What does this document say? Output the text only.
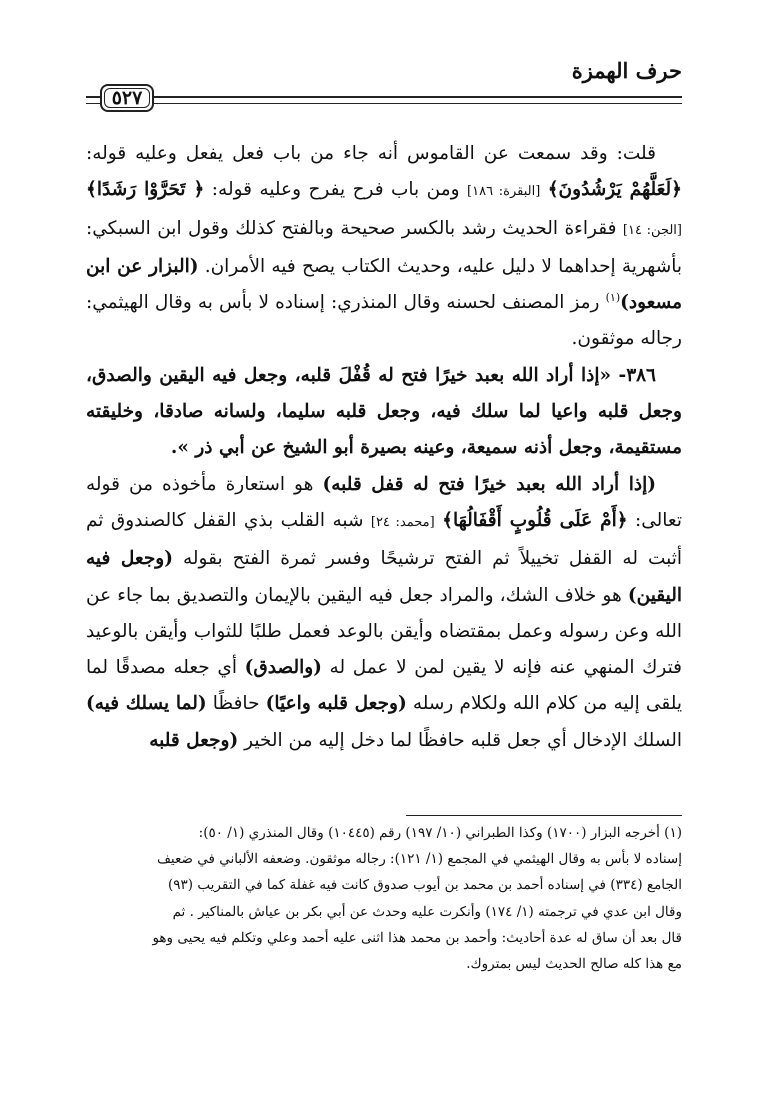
حرف الهمزة
٥٢٧

قلت: وقد سمعت عن القاموس أنه جاء من باب فعل يفعل وعليه قوله: ﴿لَعَلَّهُمْ يَرْشُدُونَ﴾ [البقرة: ١٨٦] ومن باب فرح يفرح وعليه قوله: ﴿ تَحَرَّوْا رَشَدًا﴾ [الجن: ١٤] فقراءة الحديث رشد بالكسر صحيحة وبالفتح كذلك وقول ابن السبكي: بأشهرية إحداهما لا دليل عليه، وحديث الكتاب يصح فيه الأمران. (البزار عن ابن مسعود)$^{(١)}$ رمز المصنف لحسنه وقال المنذري: إسناده لا بأس به وقال الهيثمي: رجاله موثقون.

٣٨٦- «إذا أراد الله بعبد خيرًا فتح له قُفْلَ قلبه، وجعل فيه اليقين والصدق، وجعل قلبه واعيا لما سلك فيه، وجعل قلبه سليما، ولسانه صادقا، وخليقته مستقيمة، وجعل أذنه سميعة، وعينه بصيرة أبو الشيخ عن أبي ذر ».

(إذا أراد الله بعبد خيرًا فتح له قفل قلبه) هو استعارة مأخوذه من قوله تعالى: ﴿أَمْ عَلَى قُلُوبٍ أَقْفَالُهَا﴾ [محمد: ٢٤] شبه القلب بذي القفل كالصندوق ثم أثبت له القفل تخييلاً ثم الفتح ترشيحًا وفسر ثمرة الفتح بقوله (وجعل فيه اليقين) هو خلاف الشك، والمراد جعل فيه اليقين بالإيمان والتصديق بما جاء عن الله وعن رسوله وعمل بمقتضاه وأيقن بالوعد فعمل طلبًا للثواب وأيقن بالوعيد فترك المنهي عنه فإنه لا يقين لمن لا عمل له (والصدق) أي جعله مصدقًا لما يلقى إليه من كلام الله ولكلام رسله (وجعل قلبه واعيًا) حافظًا (لما يسلك فيه) السلك الإدخال أي جعل قلبه حافظًا لما دخل إليه من الخير (وجعل قلبه

(١) أخرجه البزار (١٧٠٠) وكذا الطبراني (١٠/ ١٩٧) رقم (١٠٤٤٥) وقال المنذري (١/ ٥٠):

إسناده لا بأس به وقال الهيثمي في المجمع (١/ ١٢١): رجاله موثقون. وضعفه الألباني في ضعيف

الجامع (٣٣٤) في إسناده أحمد بن محمد بن أيوب صدوق كانت فيه غفلة كما في التقريب (٩٣)

وقال ابن عدي في ترجمته (١/ ١٧٤) وأنكرت عليه وحدث عن أبي بكر بن عياش بالمناكير . ثم

قال بعد أن ساق له عدة أحاديث: وأحمد بن محمد هذا اثنى عليه أحمد وعلي وتكلم فيه يحيى وهو

مع هذا كله صالح الحديث ليس بمتروك.
